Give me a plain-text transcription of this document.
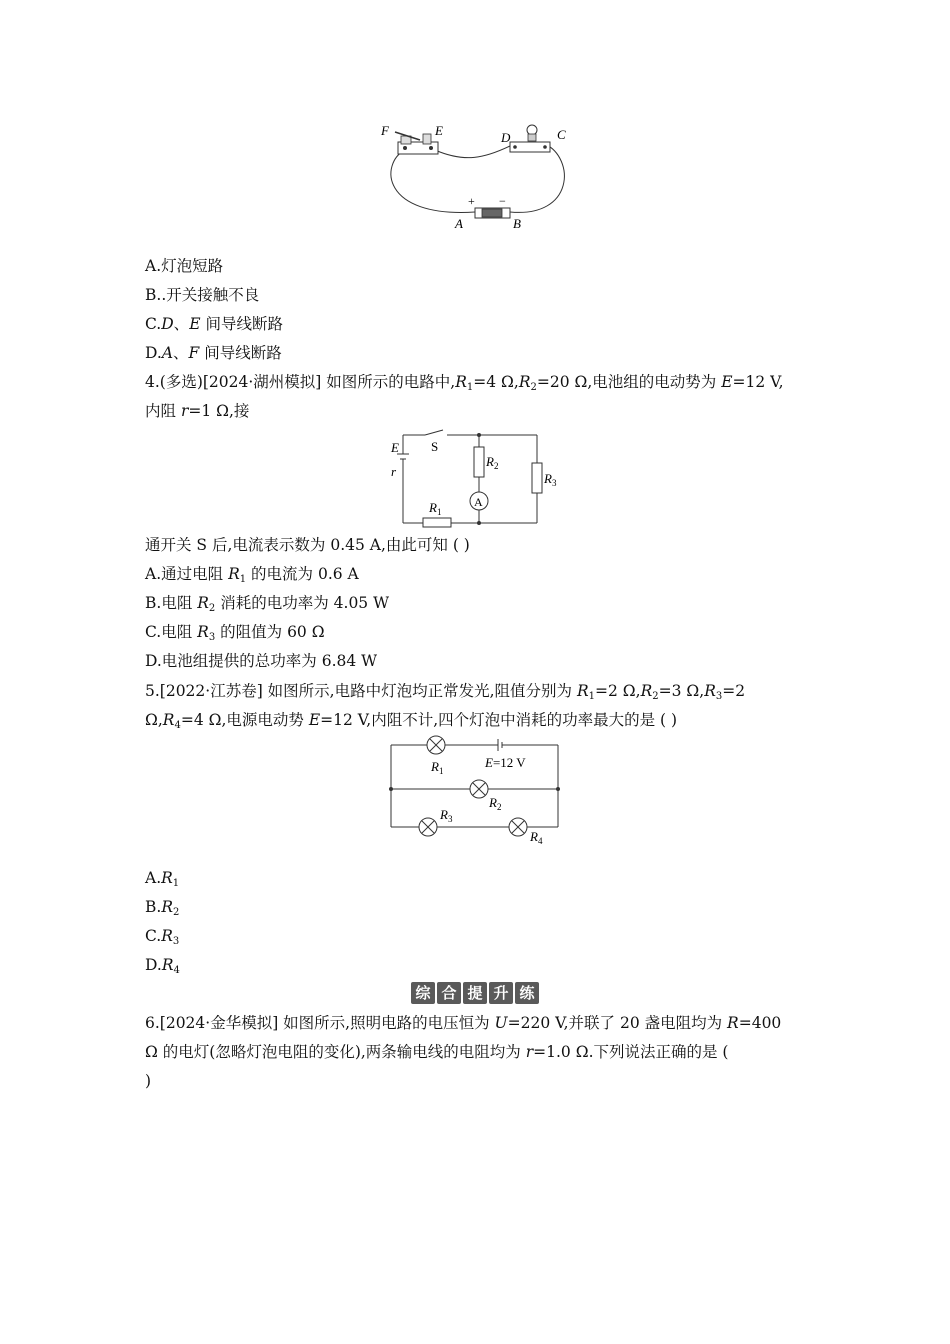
F	E	D	C
+ −
A	B
A.灯泡短路
B..开关接触不良
C.D、E 间导线断路
D.A、F 间导线断路
4.(多选)[2024·湖州模拟] 如图所示的电路中$,R_1=4$ $\Omega,R_2=20$ Ω,电池组的电动势为 E=12 V,
内阻 r=1 Ω,接
E
r
S
$R_2$
$R_3$
$R_1$
A
通开关 S 后,电流表示数为 0.45 A,由此可知 ( )
A.通过电阻 $R_1$ 的电流为 0.6 A
B.电阻 $R_2$ 消耗的电功率为 4.05 W
C.电阻 $R_3$ 的阻值为 60 Ω
D.电池组提供的总功率为 6.84 W
5.[2022·江苏卷] 如图所示,电路中灯泡均正常发光,阻值分别为 $R_1=2$ $\Omega,R_2=3$ $\Omega,R_3=2$
$\Omega,R_4=4$ Ω,电源电动势 E=12 V,内阻不计,四个灯泡中消耗的功率最大的是 ( )
$R_1$
E=12 V
$R_2$
$R_3$
$R_4$
$A.R_1$
$B.R_2$
$C.R_3$
$D.R_4$
综 合 提 升 练
6.[2024·金华模拟] 如图所示,照明电路的电压恒为 U=220 V,并联了 20 盏电阻均为 R=400
Ω 的电灯(忽略灯泡电阻的变化),两条输电线的电阻均为 r=1.0 Ω.下列说法正确的是 (
)
